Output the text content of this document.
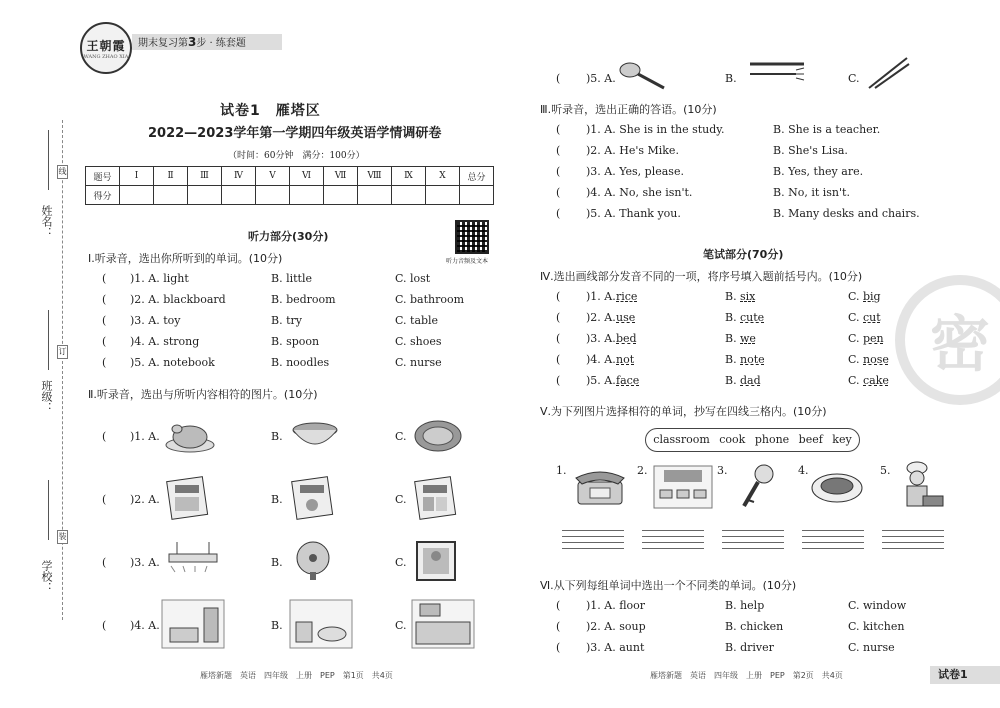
线
订
装
姓名：
班级：
学校：
王朝霞
WANG ZHAO XIA
期末复习第3步 · 练套题
试卷1　雁塔区
2022—2023学年第一学期四年级英语学情调研卷
（时间：60分钟　满分：100分）
题号	Ⅰ	Ⅱ	Ⅲ	Ⅳ	Ⅴ	Ⅵ	Ⅶ	Ⅷ	Ⅸ	Ⅹ	总分
得分											
听力音频及文本
听力部分(30分)
Ⅰ.听录音，选出你所听到的单词。(10分)
( )1. A. light	B. little	C. lost
( )2. A. blackboard	B. bedroom	C. bathroom
( )3. A. toy	B. try	C. table
( )4. A. strong	B. spoon	C. shoes
( )5. A. notebook	B. noodles	C. nurse
Ⅱ.听录音，选出与所听内容相符的图片。(10分)
( )1. A.	B.	C.
( )2. A.	B.	C.
( )3. A.	B.	C.
( )4. A.	B.	C.
雁塔新题　英语　四年级　上册　PEP　第1页　共4页
( )5. A.	B.	C.
Ⅲ.听录音，选出正确的答语。(10分)
( )1. A. She is in the study.	B. She is a teacher.
( )2. A. He's Mike.	B. She's Lisa.
( )3. A. Yes, please.	B. Yes, they are.
( )4. A. No, she isn't.	B. No, it isn't.
( )5. A. Thank you.	B. Many desks and chairs.
笔试部分(70分)
Ⅳ.选出画线部分发音不同的一项，将序号填入题前括号内。(10分)
( )1. A. rice	B. six	C. big
( )2. A. use	B. cute	C. cut
( )3. A. bed	B. we	C. pen
( )4. A. not	B. note	C. nose
( )5. A. face	B. dad	C. cake
Ⅴ.为下列图片选择相符的单词，抄写在四线三格内。(10分)
classroom cook phone beef key
1.	2.	3.	4.	5.
Ⅵ.从下列每组单词中选出一个不同类的单词。(10分)
( )1. A. floor	B. help	C. window
( )2. A. soup	B. chicken	C. kitchen
( )3. A. aunt	B. driver	C. nurse
雁塔新题　英语　四年级　上册　PEP　第2页　共4页
密
试卷1
